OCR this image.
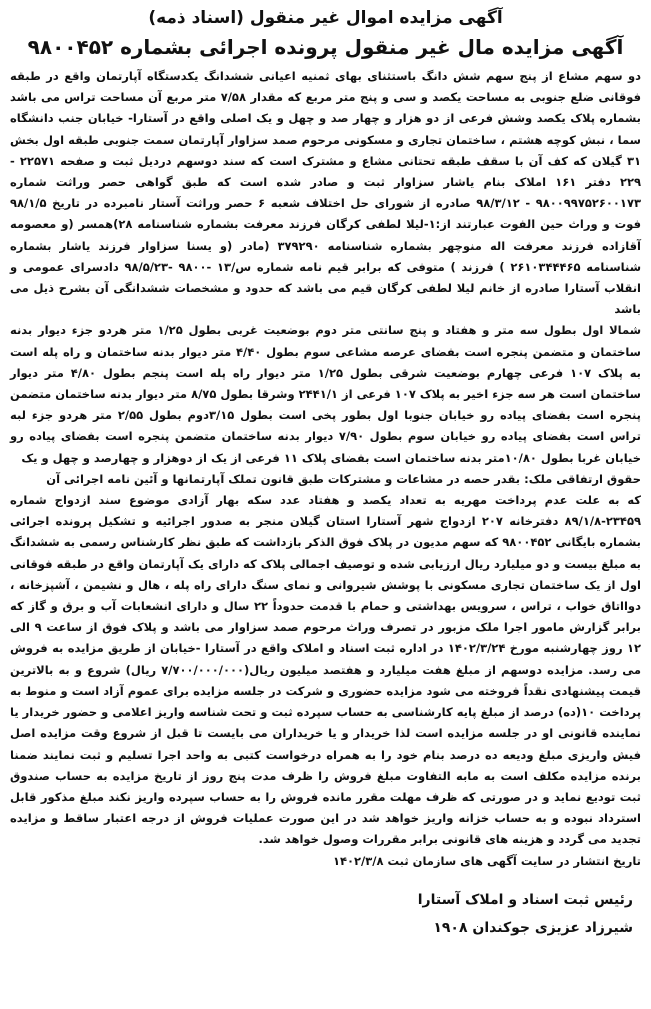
آگهی مزایده اموال غیر منقول (اسناد ذمه)
آگهی مزایده مال غیر منقول پرونده اجرائی بشماره ۹۸۰۰۴۵۲

دو سهم مشاع از پنج سهم شش دانگ باستثنای بهای ثمنیه اعیانی ششدانگ یکدستگاه آپارتمان واقع در طبقه فوقانی ضلع جنوبی به مساحت یکصد و سی و پنج متر مربع که مقدار ۷/۵۸ متر مربع آن مساحت تراس می باشد بشماره پلاک یکصد وشش فرعی از دو هزار و چهار صد و چهل و یک اصلی واقع در آستارا- خیابان جنب دانشگاه سما ، نبش کوچه هشتم ، ساختمان تجاری و مسکونی مرحوم صمد سزاوار آپارتمان سمت جنوبی طبقه اول بخش ۳۱ گیلان که کف آن با سقف طبقه تحتانی مشاع و مشترک است که سند دوسهم دردیل ثبت و صفحه ۲۲۵۷۱ - ۲۲۹ دفتر ۱۶۱ املاک بنام یاشار سزاوار ثبت و صادر شده است که طبق گواهی حصر وراثت شماره ۹۸۰۰۹۹۷۵۲۶۰۰۱۷۳ - ۹۸/۳/۱۲ صادره از شورای حل اختلاف شعبه ۶ حصر وراثت آستار نامبرده در تاریخ ۹۸/۱/۵ فوت و وراث حین الفوت عبارتند از:۱-لیلا لطفی کرگان فرزند معرفت بشماره شناسنامه ۲۸)همسر (و معصومه آقازاده فرزند معرفت اله منوچهر بشماره شناسنامه ۳۷۹۲۹۰ (مادر (و یسنا سزاوار فرزند یاشار بشماره شناسنامه ۲۶۱۰۳۴۴۴۶۵ ) فرزند ) متوفی که برابر قیم نامه شماره س/۱۳ -۹۸۰۰ -۹۸/۵/۲۳ دادسرای عمومی و انقلاب آستارا صادره از خانم لیلا لطفی کرگان قیم می باشد که حدود و مشخصات ششدانگی آن بشرح ذیل می باشد

شمالا اول بطول سه متر و هفتاد و پنج سانتی متر دوم بوضعیت غربی بطول ۱/۲۵ متر هردو جزء دیوار بدنه ساختمان و متضمن پنجره است بفضای عرصه مشاعی سوم بطول ۴/۴۰ متر دیوار بدنه ساختمان و راه پله است به پلاک ۱۰۷ فرعی چهارم بوضعیت شرقی بطول ۱/۲۵ متر دیوار راه پله است پنجم بطول ۴/۸۰ متر دیوار ساختمان است هر سه جزء اخیر به پلاک ۱۰۷ فرعی از ۲۴۴۱/۱ وشرقا بطول ۸/۷۵ متر دیوار بدنه ساختمان متضمن پنجره است بفضای پیاده رو خیابان جنوبا اول بطور پخی است بطول ۳/۱۵دوم بطول ۲/۵۵ متر هردو جزء لبه تراس است بفضای پیاده رو خیابان سوم بطول ۷/۹۰ دیوار بدنه ساختمان متضمن پنجره است بفضای پیاده رو خیابان غربا بطول ۱۰/۸۰متر بدنه ساختمان است بفضای پلاک ۱۱ فرعی از یک از دوهزار و چهارصد و چهل و یک

حقوق ارتفاقی ملک: بقدر حصه در مشاعات و مشترکات طبق قانون تملک آپارتمانها و آئین نامه اجرائی آن

که به علت عدم پرداخت مهریه به تعداد یکصد و هفتاد عدد سکه بهار آزادی موضوع سند ازدواج شماره ۲۳۴۵۹-۸۹/۱/۸ دفترخانه ۲۰۷ ازدواج شهر آستارا استان گیلان منجر به صدور اجرائیه و تشکیل پرونده اجرائی بشماره بایگانی ۹۸۰۰۴۵۲ که سهم مدیون در پلاک فوق الذکر بازداشت که طبق نظر کارشناس رسمی به ششدانگ به مبلغ بیست و دو میلیارد ریال ارزیابی شده و توصیف اجمالی پلاک که دارای یک آپارتمان واقع در طبقه فوقانی اول از یک ساختمان تجاری مسکونی با پوشش شیروانی و نمای سنگ دارای راه پله ، هال و نشیمن ، آشپزخانه ، دوااتاق خواب ، تراس ، سرویس بهداشتی و حمام با قدمت حدوداً ۲۲ سال و دارای انشعابات آب و برق و گاز که برابر گزارش مامور اجرا ملک مزبور در تصرف وراث مرحوم صمد سزاوار می باشد و پلاک فوق از ساعت ۹ الی ۱۲ روز چهارشنبه مورخ ۱۴۰۲/۳/۲۴ در اداره ثبت اسناد و املاک واقع در آستارا -خیابان از طریق مزایده به فروش می رسد. مزایده دوسهم از مبلغ هفت میلیارد و هفتصد میلیون ریال(۷/۷۰۰/۰۰۰/۰۰۰ ریال) شروع و به بالاترین قیمت پیشنهادی نقداً فروخته می شود مزایده حضوری و شرکت در جلسه مزایده برای عموم آزاد است و منوط به پرداخت ۱۰(ده) درصد از مبلغ پایه کارشناسی به حساب سپرده ثبت و تحت شناسه واریز اعلامی و حضور خریدار یا نماینده قانونی او در جلسه مزایده است لذا خریدار و یا خریداران می بایست تا قبل از شروع وقت مزایده اصل فیش واریزی مبلغ ودیعه ده درصد بنام خود را به همراه درخواست کتبی به واحد اجرا تسلیم و ثبت نمایند ضمنا برنده مزایده مکلف است به مابه التفاوت مبلغ فروش را ظرف مدت پنج روز از تاریخ مزایده به حساب صندوق ثبت تودیع نماید و در صورتی که ظرف مهلت مقرر مانده فروش را به حساب سپرده واریز نکند مبلغ مذکور قابل استرداد نبوده و به حساب خزانه واریز خواهد شد در این صورت عملیات فروش از درجه اعتبار ساقط و مزایده تجدید می گردد و هزینه های قانونی برابر مقررات وصول خواهد شد.

تاریخ انتشار در سایت آگهی های سازمان ثبت ۱۴۰۲/۳/۸

رئیس ثبت اسناد و املاک آستارا
شیرزاد عزیزی جوکندان ۱۹۰۸
